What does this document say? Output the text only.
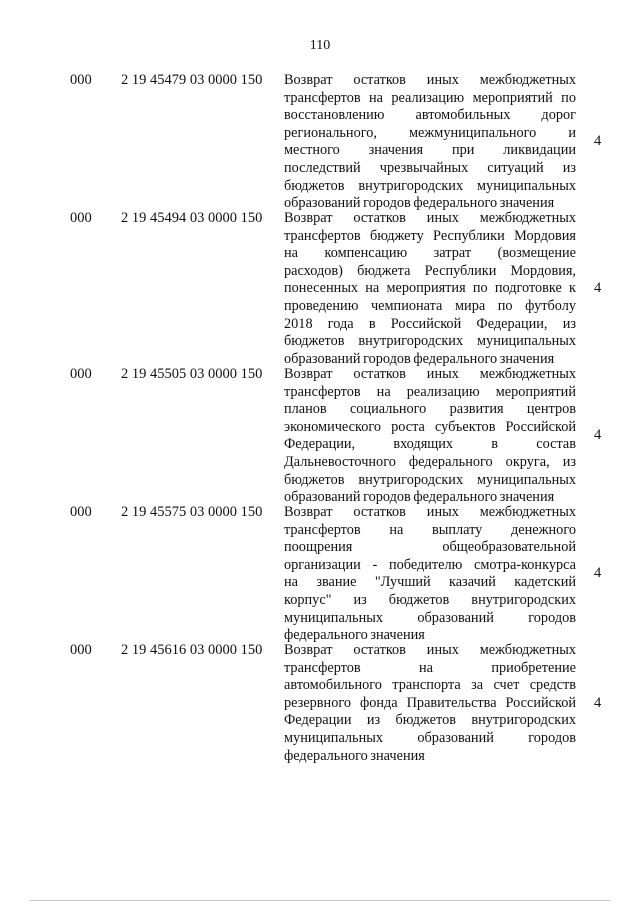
110
000 2 19 45479 03 0000 150 Возврат остатков иных межбюджетных
трансфертов на реализацию мероприятий по
восстановлению автомобильных дорог
регионального, межмуниципального и
местного значения при ликвидации
последствий чрезвычайных ситуаций из
бюджетов внутригородских муниципальных
образований городов федерального значения
4
000 2 19 45494 03 0000 150 Возврат остатков иных межбюджетных
трансфертов бюджету Республики Мордовия
на компенсацию затрат (возмещение
расходов) бюджета Республики Мордовия,
понесенных на мероприятия по подготовке к
проведению чемпионата мира по футболу
2018 года в Российской Федерации, из
бюджетов внутригородских муниципальных
образований городов федерального значения
4
000 2 19 45505 03 0000 150 Возврат остатков иных межбюджетных
трансфертов на реализацию мероприятий
планов социального развития центров
экономического роста субъектов Российской
Федерации, входящих в состав
Дальневосточного федерального округа, из
бюджетов внутригородских муниципальных
образований городов федерального значения
4
000 2 19 45575 03 0000 150 Возврат остатков иных межбюджетных
трансфертов на выплату денежного
поощрения общеобразовательной
организации - победителю смотра-конкурса
на звание "Лучший казачий кадетский
корпус" из бюджетов внутригородских
муниципальных образований городов
федерального значения
4
000 2 19 45616 03 0000 150 Возврат остатков иных межбюджетных
трансфертов на приобретение
автомобильного транспорта за счет средств
резервного фонда Правительства Российской
Федерации из бюджетов внутригородских
муниципальных образований городов
федерального значения
4
